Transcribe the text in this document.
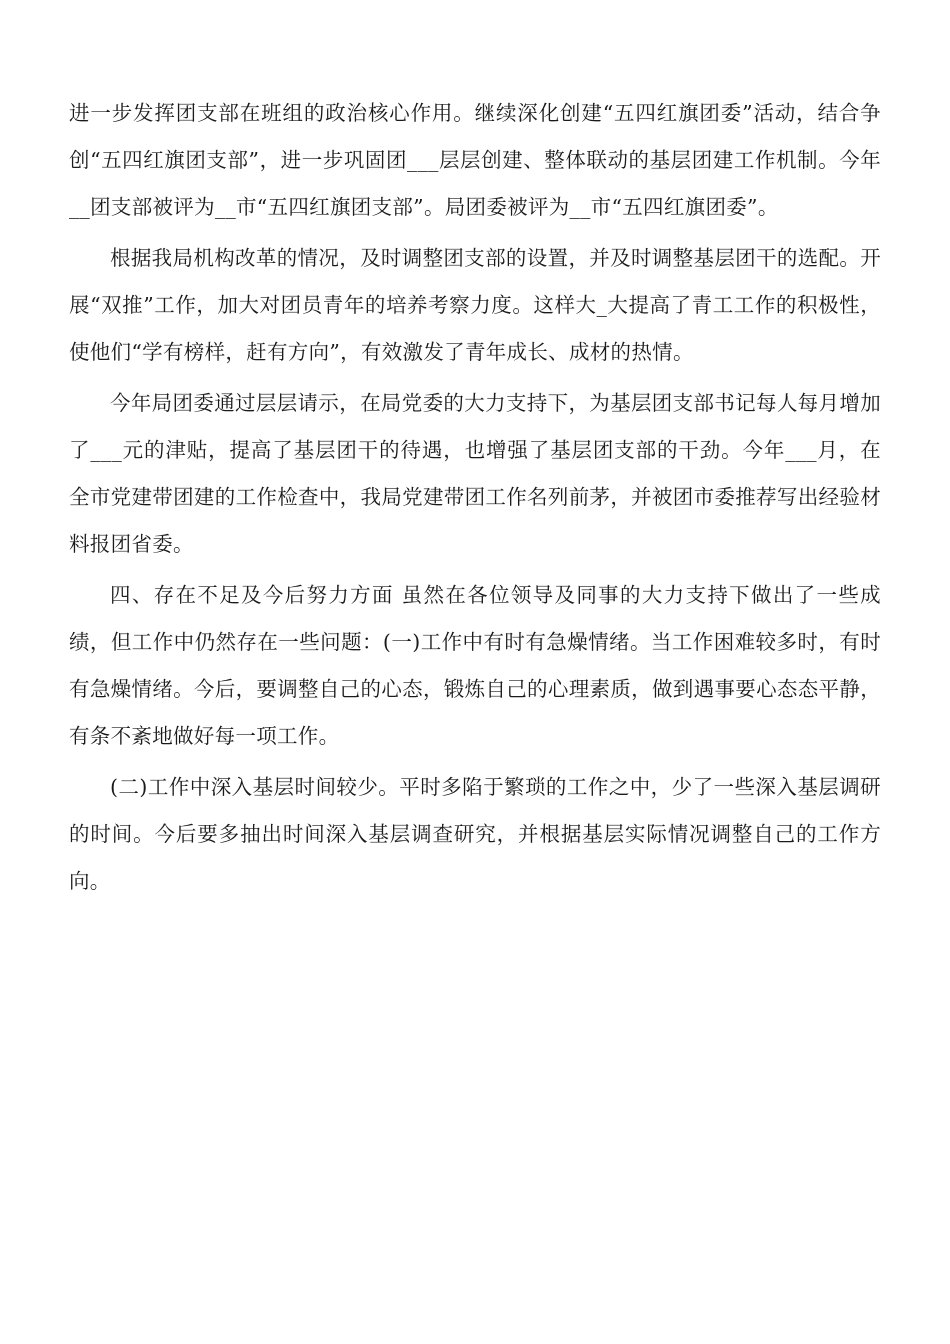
进一步发挥团支部在班组的政治核心作用。继续深化创建“五四红旗团委”活动，结合争创“五四红旗团支部”，进一步巩固团___层层创建、整体联动的基层团建工作机制。今年__团支部被评为__市“五四红旗团支部”。局团委被评为__市“五四红旗团委”。

根据我局机构改革的情况，及时调整团支部的设置，并及时调整基层团干的选配。开展“双推”工作，加大对团员青年的培养考察力度。这样大_大提高了青工工作的积极性，使他们“学有榜样，赶有方向”，有效激发了青年成长、成材的热情。

今年局团委通过层层请示，在局党委的大力支持下，为基层团支部书记每人每月增加了___元的津贴，提高了基层团干的待遇，也增强了基层团支部的干劲。今年___月，在全市党建带团建的工作检查中，我局党建带团工作名列前茅，并被团市委推荐写出经验材料报团省委。

四、存在不足及今后努力方面 虽然在各位领导及同事的大力支持下做出了一些成绩，但工作中仍然存在一些问题：(一)工作中有时有急燥情绪。当工作困难较多时，有时有急燥情绪。今后，要调整自己的心态，锻炼自己的心理素质，做到遇事要心态态平静，有条不紊地做好每一项工作。

(二)工作中深入基层时间较少。平时多陷于繁琐的工作之中，少了一些深入基层调研的时间。今后要多抽出时间深入基层调查研究，并根据基层实际情况调整自己的工作方向。
